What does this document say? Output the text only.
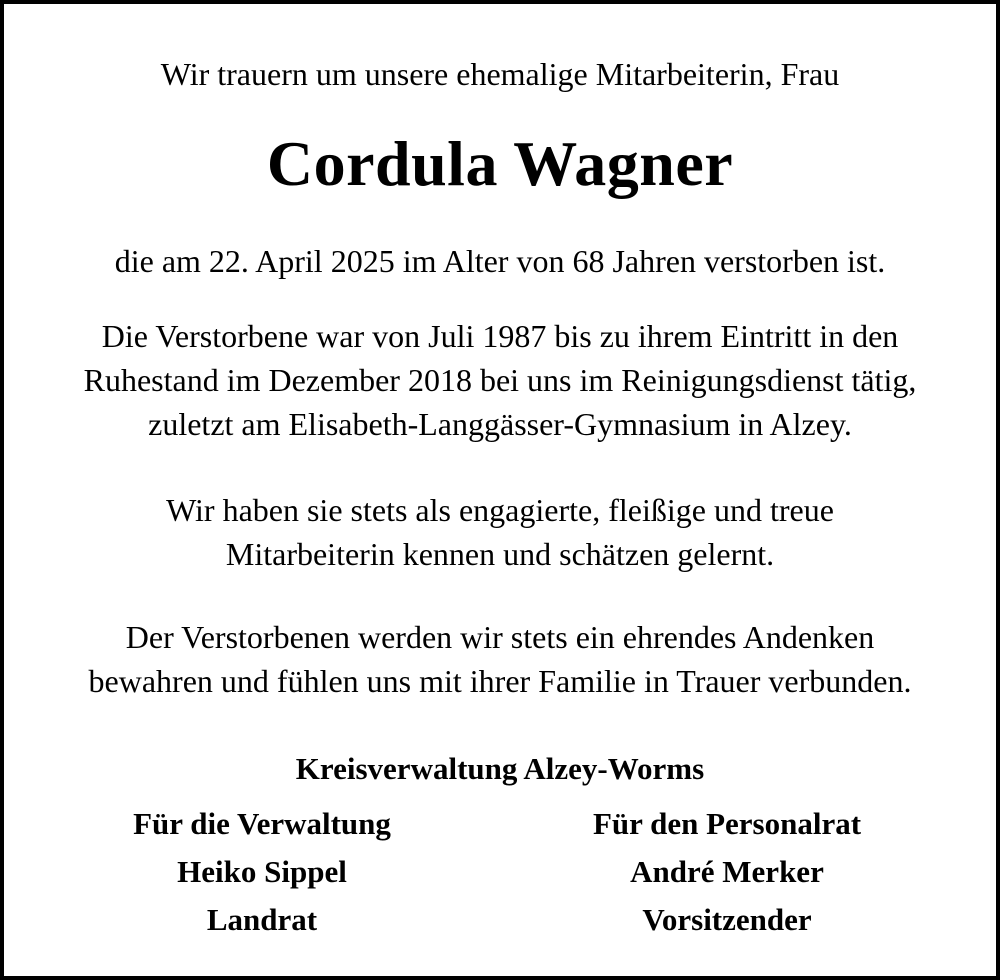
Wir trauern um unsere ehemalige Mitarbeiterin, Frau
Cordula Wagner
die am 22. April 2025 im Alter von 68 Jahren verstorben ist.
Die Verstorbene war von Juli 1987 bis zu ihrem Eintritt in den
Ruhestand im Dezember 2018 bei uns im Reinigungsdienst tätig,
zuletzt am Elisabeth-Langgässer-Gymnasium in Alzey.
Wir haben sie stets als engagierte, fleißige und treue
Mitarbeiterin kennen und schätzen gelernt.
Der Verstorbenen werden wir stets ein ehrendes Andenken
bewahren und fühlen uns mit ihrer Familie in Trauer verbunden.
Kreisverwaltung Alzey-Worms
Für die Verwaltung
Heiko Sippel
Landrat
Für den Personalrat
André Merker
Vorsitzender
